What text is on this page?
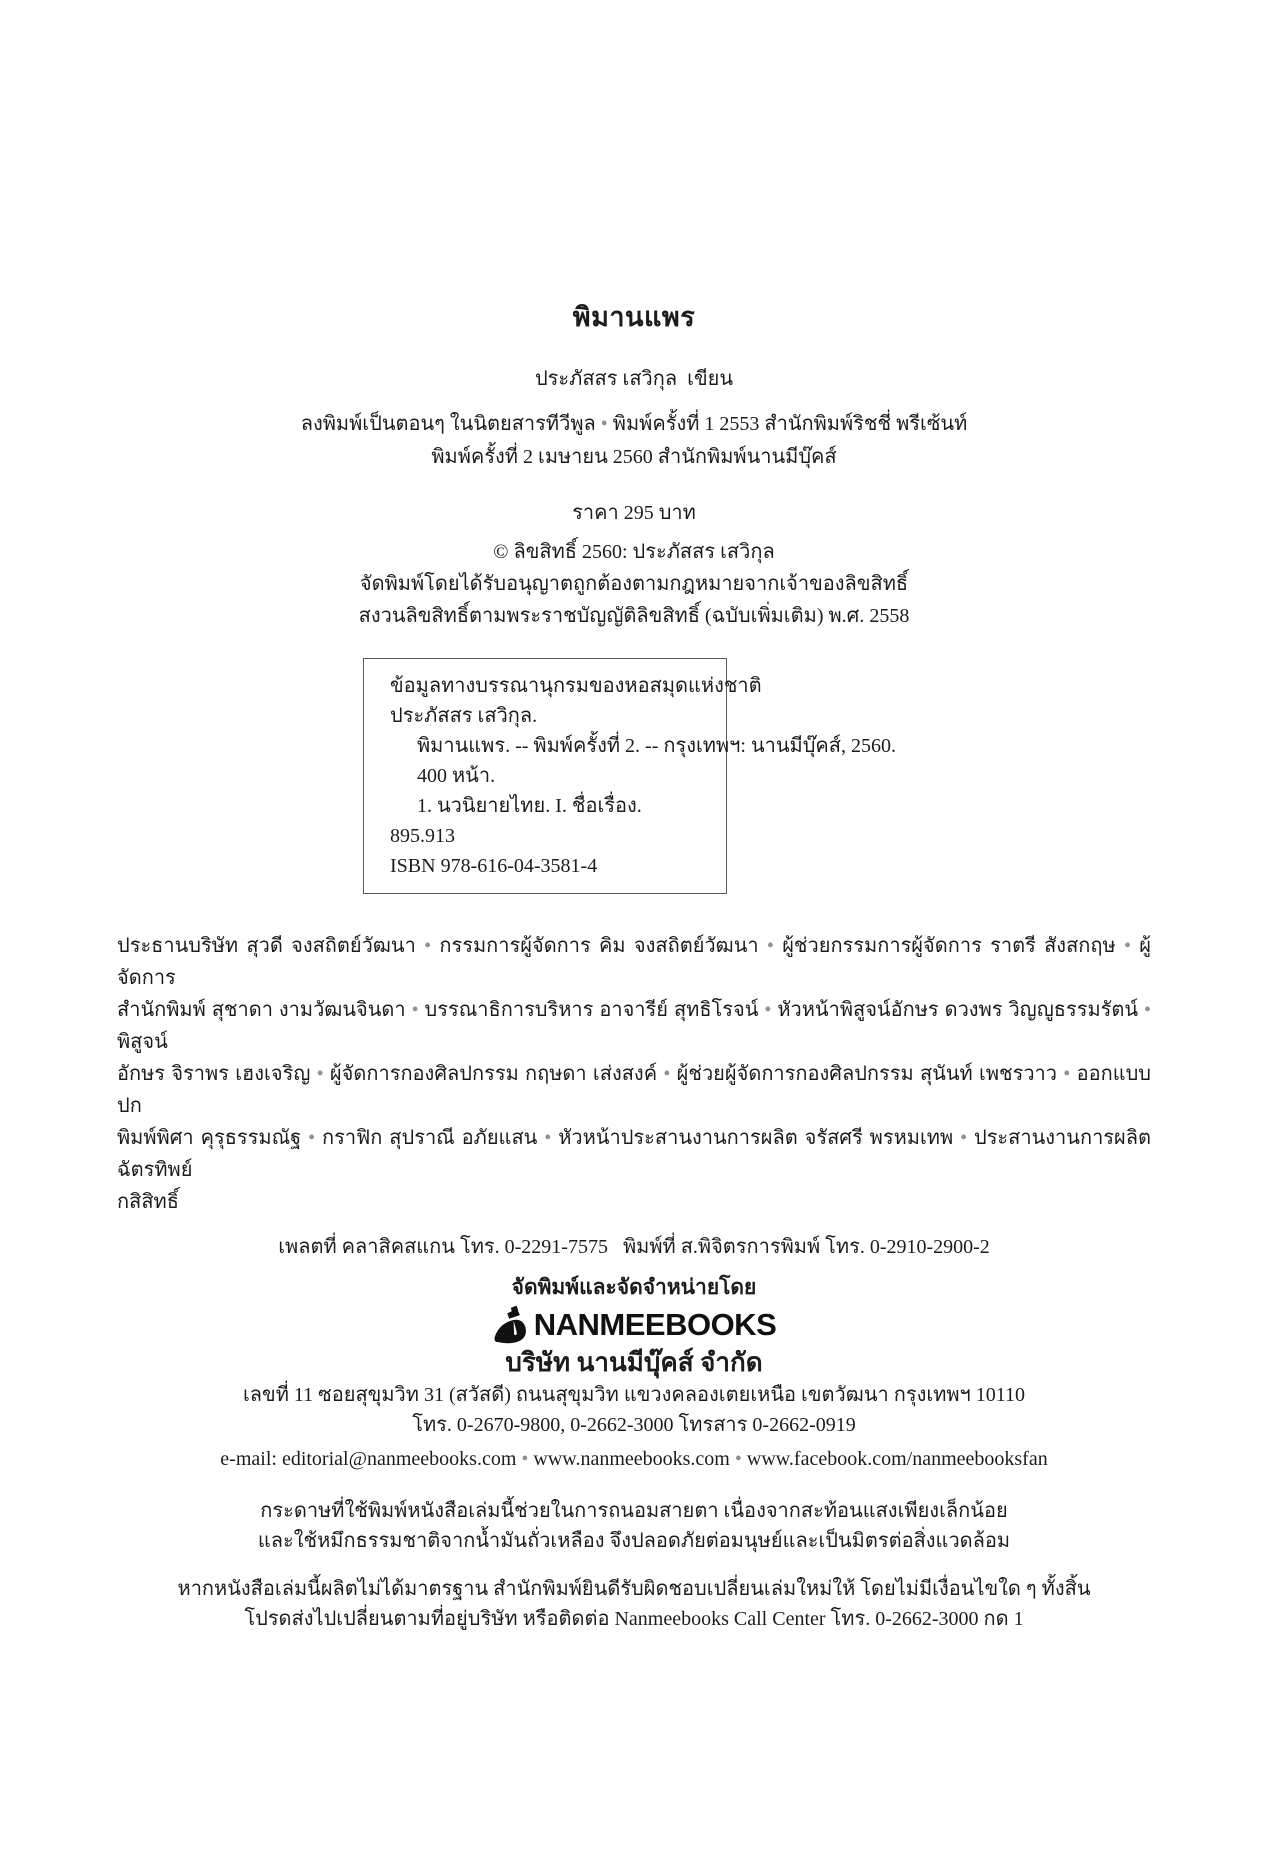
พิมานแพร
ประภัสสร เสวิกุล  เขียน
ลงพิมพ์เป็นตอนๆ ในนิตยสารทีวีพูล • พิมพ์ครั้งที่ 1 2553 สำนักพิมพ์ริชชี่ พรีเซ้นท์
พิมพ์ครั้งที่ 2 เมษายน 2560 สำนักพิมพ์นานมีบุ๊คส์
ราคา 295 บาท
© ลิขสิทธิ์ 2560: ประภัสสร เสวิกุล
จัดพิมพ์โดยได้รับอนุญาตถูกต้องตามกฎหมายจากเจ้าของลิขสิทธิ์
สงวนลิขสิทธิ์ตามพระราชบัญญัติลิขสิทธิ์ (ฉบับเพิ่มเติม) พ.ศ. 2558
ข้อมูลทางบรรณานุกรมของหอสมุดแห่งชาติ
ประภัสสร เสวิกุล.
พิมานแพร. -- พิมพ์ครั้งที่ 2. -- กรุงเทพฯ: นานมีบุ๊คส์, 2560.
400 หน้า.
1. นวนิยายไทย. I. ชื่อเรื่อง.
895.913
ISBN 978-616-04-3581-4
ประธานบริษัท สุวดี จงสถิตย์วัฒนา • กรรมการผู้จัดการ คิม จงสถิตย์วัฒนา • ผู้ช่วยกรรมการผู้จัดการ ราตรี สังสกฤษ • ผู้จัดการ
สำนักพิมพ์ สุชาดา งามวัฒนจินดา • บรรณาธิการบริหาร อาจารีย์ สุทธิโรจน์ • หัวหน้าพิสูจน์อักษร ดวงพร วิญญูธรรมรัตน์ • พิสูจน์
อักษร จิราพร เฮงเจริญ • ผู้จัดการกองศิลปกรรม กฤษดา เส่งสงค์ • ผู้ช่วยผู้จัดการกองศิลปกรรม สุนันท์ เพชรวาว • ออกแบบปก
พิมพ์พิศา คุรุธรรมณัฐ • กราฟิก สุปราณี อภัยแสน • หัวหน้าประสานงานการผลิต จรัสศรี พรหมเทพ • ประสานงานการผลิต ฉัตรทิพย์
กสิสิทธิ์
เพลตที่ คลาสิคสแกน โทร. 0-2291-7575   พิมพ์ที่ ส.พิจิตรการพิมพ์ โทร. 0-2910-2900-2
จัดพิมพ์และจัดจำหน่ายโดย
NANMEEBOOKS
บริษัท นานมีบุ๊คส์ จำกัด
เลขที่ 11 ซอยสุขุมวิท 31 (สวัสดี) ถนนสุขุมวิท แขวงคลองเตยเหนือ เขตวัฒนา กรุงเทพฯ 10110
โทร. 0-2670-9800, 0-2662-3000 โทรสาร 0-2662-0919
e-mail: editorial@nanmeebooks.com • www.nanmeebooks.com • www.facebook.com/nanmeebooksfan
กระดาษที่ใช้พิมพ์หนังสือเล่มนี้ช่วยในการถนอมสายตา เนื่องจากสะท้อนแสงเพียงเล็กน้อย
และใช้หมึกธรรมชาติจากน้ำมันถั่วเหลือง จึงปลอดภัยต่อมนุษย์และเป็นมิตรต่อสิ่งแวดล้อม
หากหนังสือเล่มนี้ผลิตไม่ได้มาตรฐาน สำนักพิมพ์ยินดีรับผิดชอบเปลี่ยนเล่มใหม่ให้ โดยไม่มีเงื่อนไขใด ๆ ทั้งสิ้น
โปรดส่งไปเปลี่ยนตามที่อยู่บริษัท หรือติดต่อ Nanmeebooks Call Center โทร. 0-2662-3000 กด 1
